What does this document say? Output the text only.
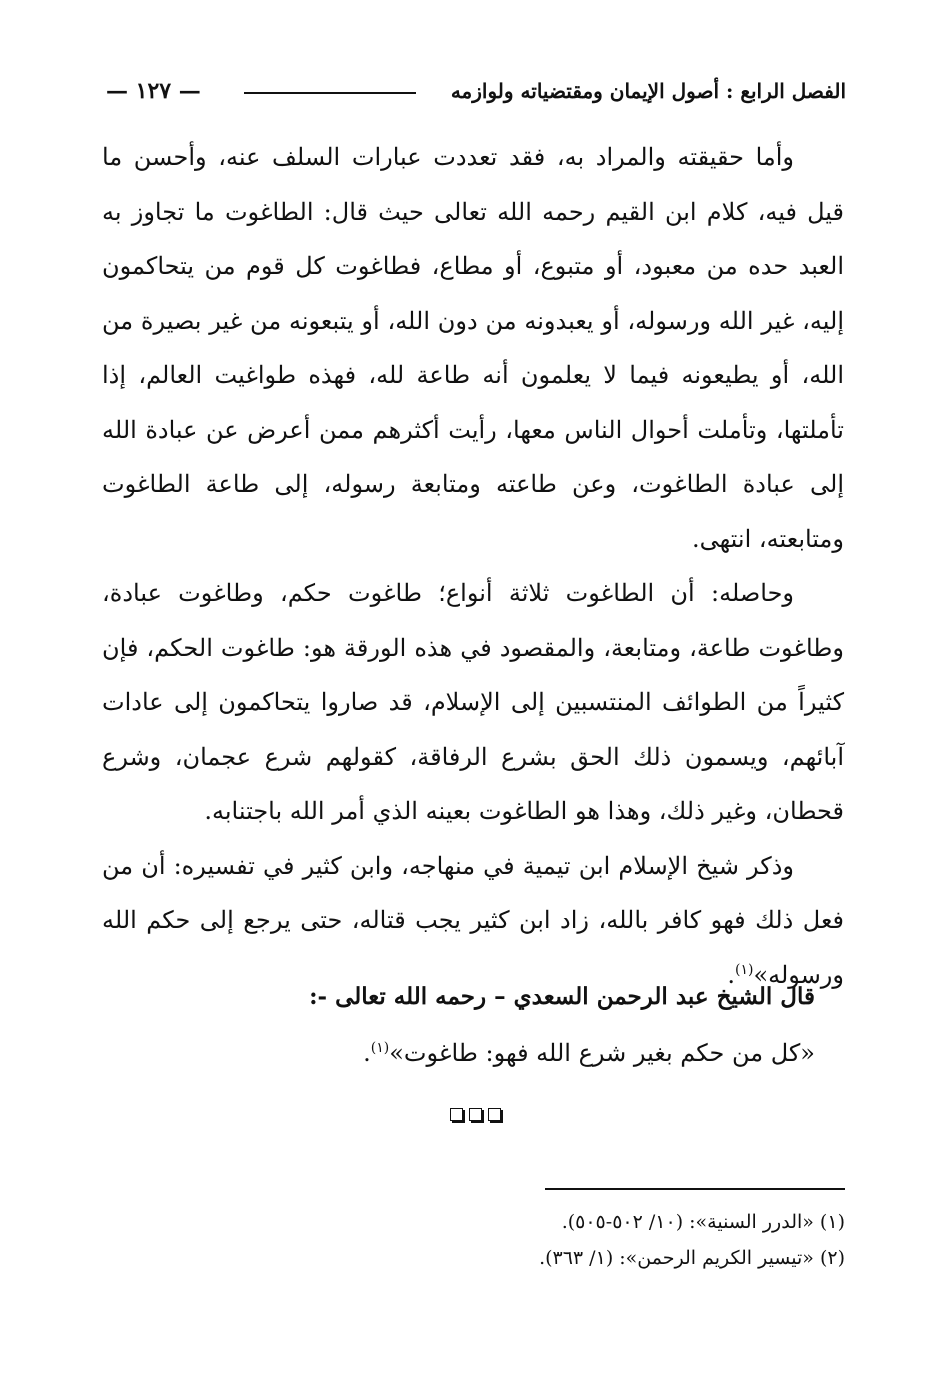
الفصل الرابع : أصول الإيمان ومقتضياته ولوازمه
— ١٢٧ —

وأما حقيقته والمراد به، فقد تعددت عبارات السلف عنه، وأحسن ما قيل فيه، كلام ابن القيم رحمه الله تعالى حيث قال: الطاغوت ما تجاوز به العبد حده من معبود، أو متبوع، أو مطاع، فطاغوت كل قوم من يتحاكمون إليه، غير الله ورسوله، أو يعبدونه من دون الله، أو يتبعونه من غير بصيرة من الله، أو يطيعونه فيما لا يعلمون أنه طاعة لله، فهذه طواغيت العالم، إذا تأملتها، وتأملت أحوال الناس معها، رأيت أكثرهم ممن أعرض عن عبادة الله إلى عبادة الطاغوت، وعن طاعته ومتابعة رسوله، إلى طاعة الطاغوت ومتابعته، انتهى.

وحاصله: أن الطاغوت ثلاثة أنواع؛ طاغوت حكم، وطاغوت عبادة، وطاغوت طاعة، ومتابعة، والمقصود في هذه الورقة هو: طاغوت الحكم، فإن كثيراً من الطوائف المنتسبين إلى الإسلام، قد صاروا يتحاكمون إلى عادات آبائهم، ويسمون ذلك الحق بشرع الرفاقة، كقولهم شرع عجمان، وشرع قحطان، وغير ذلك، وهذا هو الطاغوت بعينه الذي أمر الله باجتنابه.

وذكر شيخ الإسلام ابن تيمية في منهاجه، وابن كثير في تفسيره: أن من فعل ذلك فهو كافر بالله، زاد ابن كثير يجب قتاله، حتى يرجع إلى حكم الله ورسوله»$^{(١)}$.

قال الشيخ عبد الرحمن السعدي – رحمه الله تعالى -:
«كل من حكم بغير شرع الله فهو: طاغوت»$^{(١)}$.

(١) «الدرر السنية»: (١٠/ ٥٠٢-٥٠٥).

(٢) «تيسير الكريم الرحمن»: (١/ ٣٦٣).
